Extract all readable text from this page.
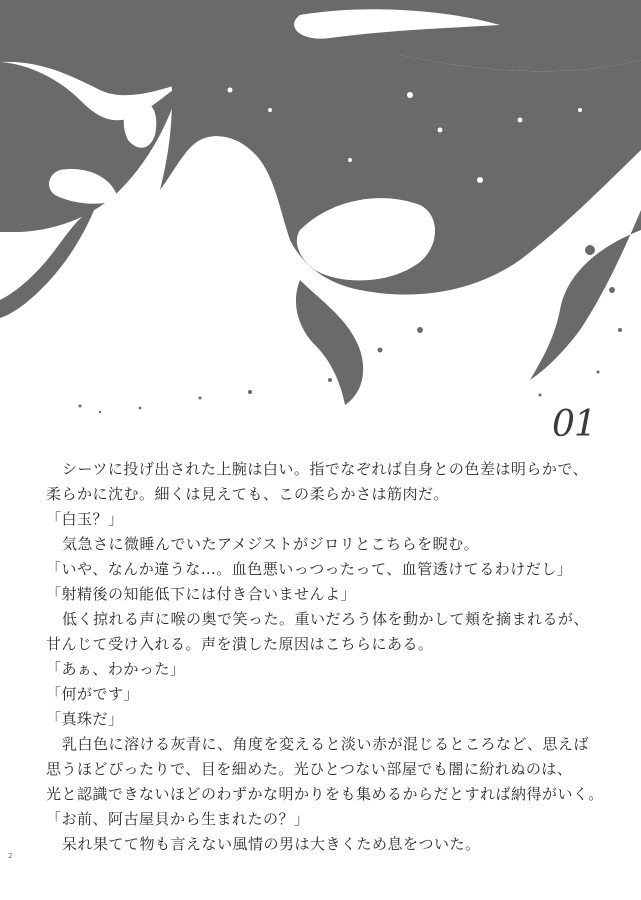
01
シーツに投げ出された上腕は白い。指でなぞれば自身との色差は明らかで、
柔らかに沈む。細くは見えても、この柔らかさは筋肉だ。
「白玉？」
気急さに微睡んでいたアメジストがジロリとこちらを睨む。
「いや、なんか違うな…。血色悪いっつったって、血管透けてるわけだし」
「射精後の知能低下には付き合いませんよ」
低く掠れる声に喉の奥で笑った。重いだろう体を動かして頬を摘まれるが、
甘んじて受け入れる。声を潰した原因はこちらにある。
「あぁ、わかった」
「何がです」
「真珠だ」
乳白色に溶ける灰青に、角度を変えると淡い赤が混じるところなど、思えば
思うほどぴったりで、目を細めた。光ひとつない部屋でも闇に紛れぬのは、
光と認識できないほどのわずかな明かりをも集めるからだとすれば納得がいく。
「お前、阿古屋貝から生まれたの？」
呆れ果てて物も言えない風情の男は大きくため息をついた。
2
